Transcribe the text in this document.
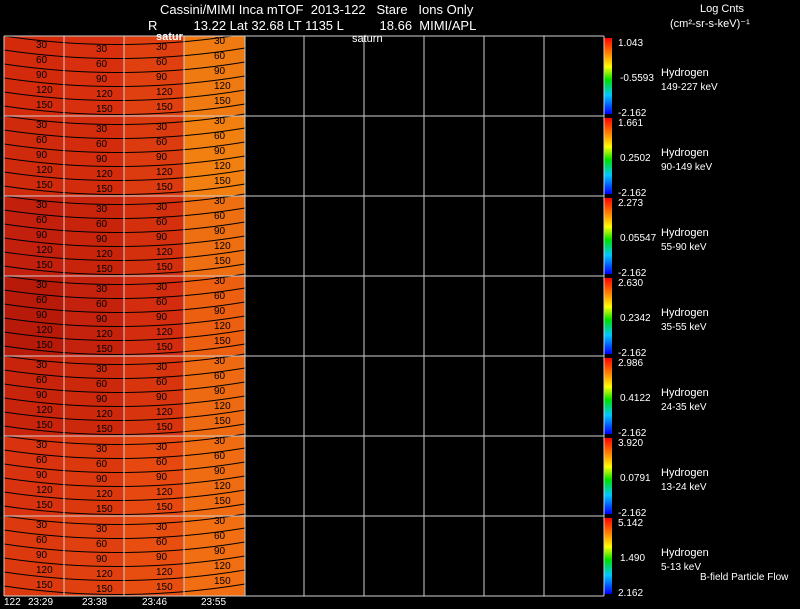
Cassini/MIMI Inca mTOF  2013-122   Stare   Ions Only
R	13.22 Lat 32.68 LT 1135 L	18.66  MIMI/APL
Log Cnts
(cm²-sr-s-keV)⁻¹
30	30	30
30
60	60	60
60
90	90	90
90
120	120	120
120
150	150	150
150
1.043
-0.5593
-2.162
Hydrogen
149-227 keV
30	30	30
30
60	60	60
60
90	90	90
90
120	120	120
120
150	150	150
150
1.661
0.2502
-2.162
Hydrogen
90-149 keV
30	30	30
30
60	60	60
60
90	90	90
90
120	120	120
120
150	150	150
150
2.273
0.05547
-2.162
Hydrogen
55-90 keV
30	30	30
30
60	60	60
60
90	90	90
90
120	120	120
120
150	150	150
150
2.630
0.2342
-2.162
Hydrogen
35-55 keV
30	30	30
30
60	60	60
60
90	90	90
90
120	120	120
120
150	150	150
150
2.986
0.4122
-2.162
Hydrogen
24-35 keV
30	30	30
30
60	60	60
60
90	90	90
90
120	120	120
120
150	150	150
150
3.920
0.0791
-2.162
Hydrogen
13-24 keV
30	30	30
30
60	60	60
60
90	90	90
90
120	120	120
120
150	150	150
150
5.142
1.490
2.162
Hydrogen
5-13 keV
satur	saturn
122 23:29	23:38	23:46	23:55
B-field Particle Flow
